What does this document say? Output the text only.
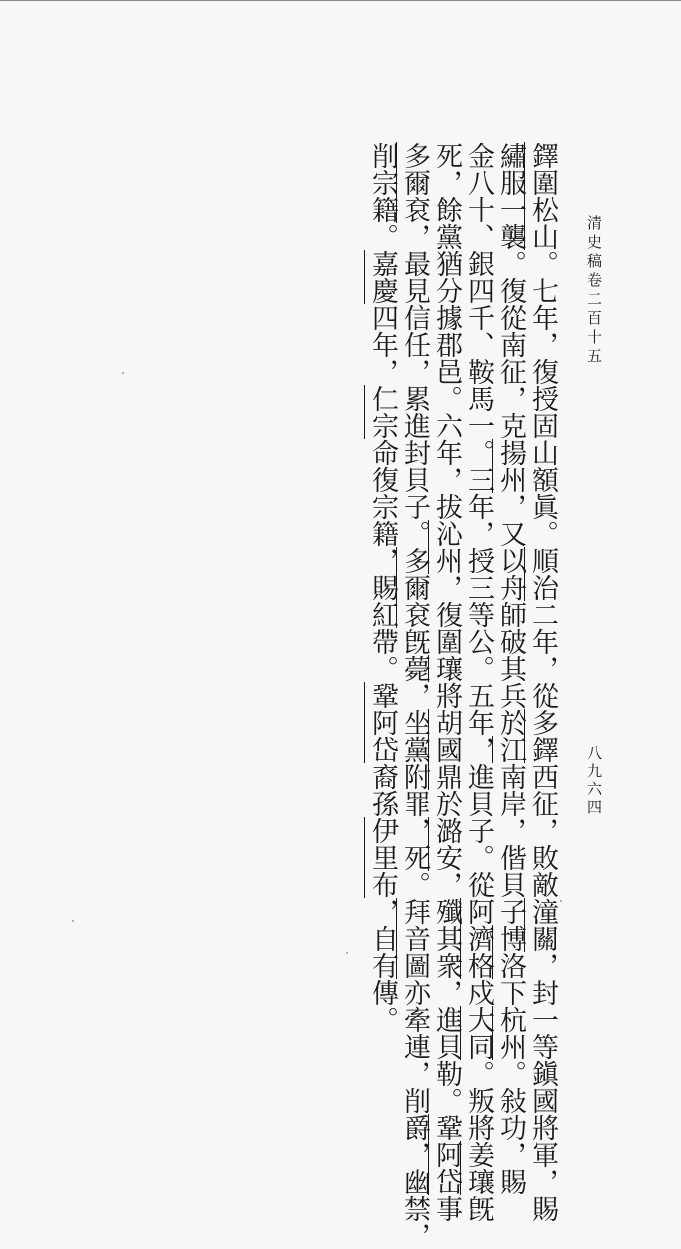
清史稿卷二百十五
八九六四
鐸圍松山。七年，復授固山額眞。順治二年，從多鐸西征，敗敵潼關，封一等鎭國將軍，賜
繡服一襲。復從南征，克揚州，又以舟師破其兵於江南岸，偕貝子博洛下杭州。敍功，賜
金八十、銀四千、鞍馬一。三年，授三等公。五年，進貝子。從阿濟格戍大同。叛將姜瓖旣
死，餘黨猶分據郡邑。六年，拔沁州，復圍瓖將胡國鼎於潞安，殲其衆，進貝勒。鞏阿岱事
多爾袞，最見信任，累進封貝子。多爾袞旣薨，坐黨附罪，死。拜音圖亦牽連，削爵，幽禁，
削宗籍。嘉慶四年，仁宗命復宗籍，賜紅帶。鞏阿岱裔孫伊里布，自有傳。
